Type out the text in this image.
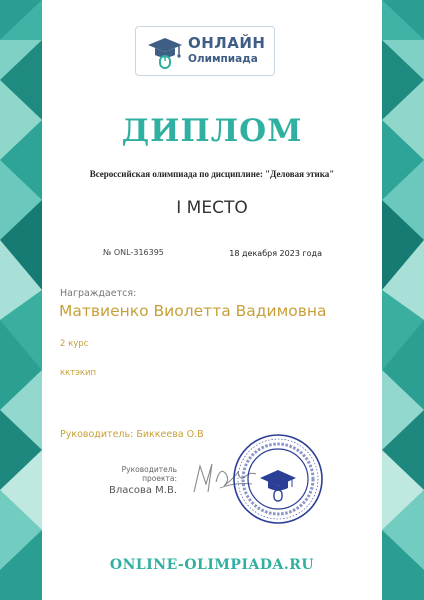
ОНЛАЙН
Олимпиада
ДИПЛОМ
Всероссийская олимпиада по дисциплине: "Деловая этика"
I МЕСТО
№ ONL-316395	18 декабря 2023 года
Награждается:
Матвиенко Виолетта Вадимовна
2 курс
кктэкип
Руководитель: Биккеева О.В
Руководитель проекта:
Власова М.В.
ONLINE-OLIMPIADA.RU
